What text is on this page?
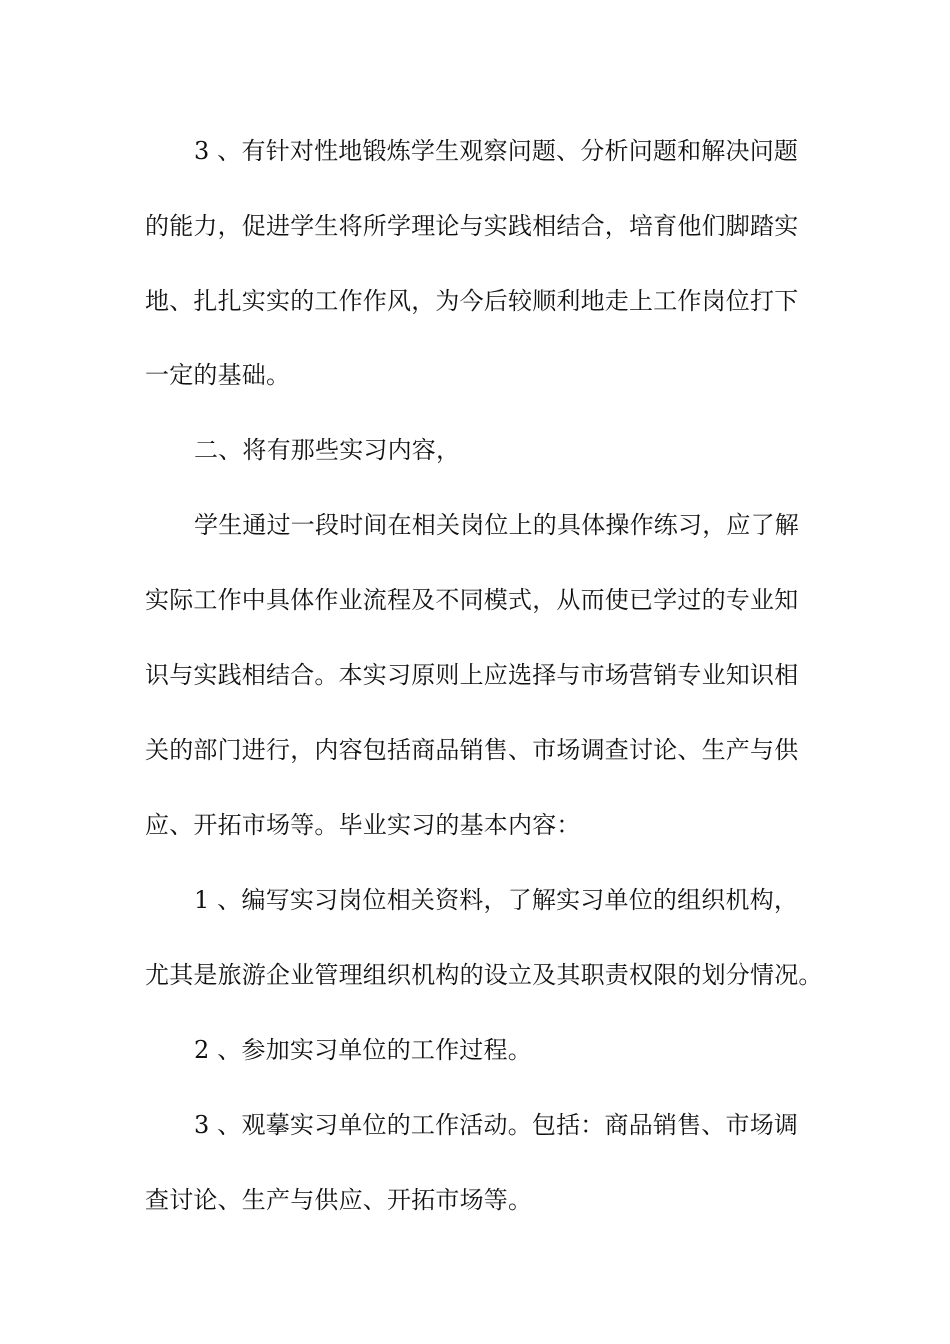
3 、有针对性地锻炼学生观察问题、分析问题和解决问题
的能力，促进学生将所学理论与实践相结合，培育他们脚踏实
地、扎扎实实的工作作风，为今后较顺利地走上工作岗位打下
一定的基础。
二、将有那些实习内容，
学生通过一段时间在相关岗位上的具体操作练习，应了解
实际工作中具体作业流程及不同模式，从而使已学过的专业知
识与实践相结合。本实习原则上应选择与市场营销专业知识相
关的部门进行，内容包括商品销售、市场调查讨论、生产与供
应、开拓市场等。毕业实习的基本内容：
1 、编写实习岗位相关资料，了解实习单位的组织机构，
尤其是旅游企业管理组织机构的设立及其职责权限的划分情况。
2 、参加实习单位的工作过程。
3 、观摹实习单位的工作活动。包括：商品销售、市场调
查讨论、生产与供应、开拓市场等。
